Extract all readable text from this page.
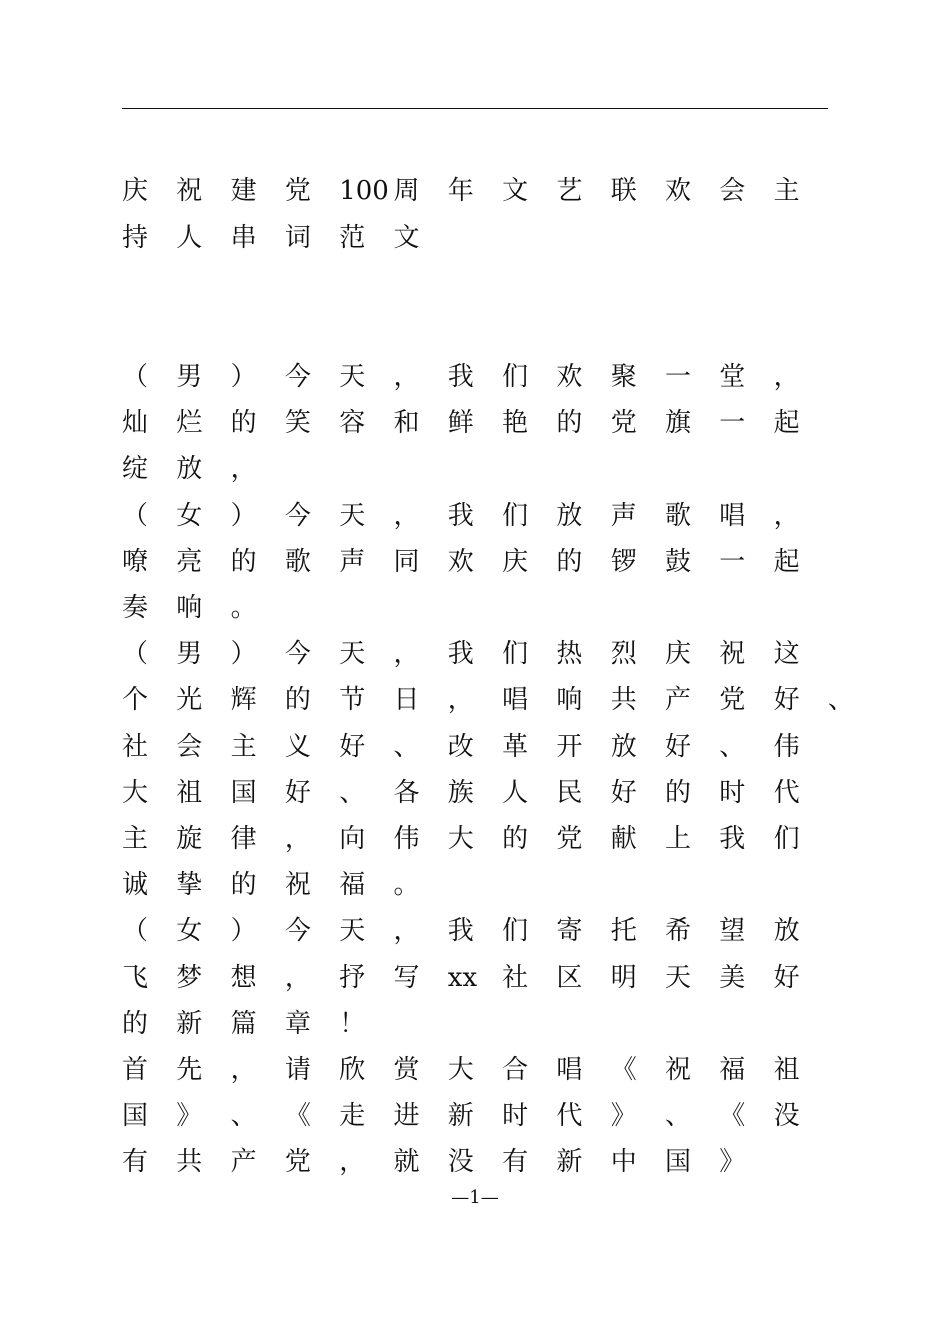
庆 祝 建 党 100 周 年 文 艺 联 欢 会 主
持 人 串 词 范 文
（ 男 ） 今 天 ， 我 们 欢 聚 一 堂 ，
灿 烂 的 笑 容 和 鲜 艳 的 党 旗 一 起
绽 放 ，
（ 女 ） 今 天 ， 我 们 放 声 歌 唱 ，
嘹 亮 的 歌 声 同 欢 庆 的 锣 鼓 一 起
奏 响 。
（ 男 ） 今 天 ， 我 们 热 烈 庆 祝 这
个 光 辉 的 节 日 ， 唱 响 共 产 党 好 、
社 会 主 义 好 、 改 革 开 放 好 、 伟
大 祖 国 好 、 各 族 人 民 好 的 时 代
主 旋 律 ， 向 伟 大 的 党 献 上 我 们
诚 挚 的 祝 福 。
（ 女 ） 今 天 ， 我 们 寄 托 希 望 放
飞 梦 想 ， 抒 写 xx 社 区 明 天 美 好
的 新 篇 章 ！
首 先 ， 请 欣 赏 大 合 唱 《 祝 福 祖
国 》 、 《 走 进 新 时 代 》 、 《 没
有 共 产 党 ， 就 没 有 新 中 国 》
—1—
